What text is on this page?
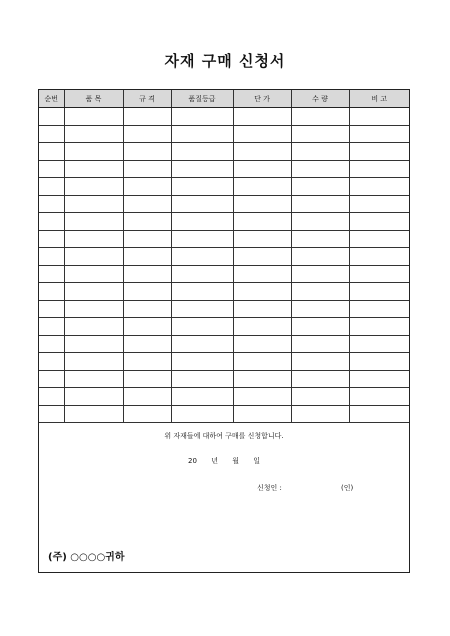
자재 구매 신청서
순번	품 목	규 격	품질등급	단 가	수 량	비 고

위 자재들에 대하여 구매를 신청합니다.
20 년 월 일
신청인 :	(인)
(주) ○○○○귀하
